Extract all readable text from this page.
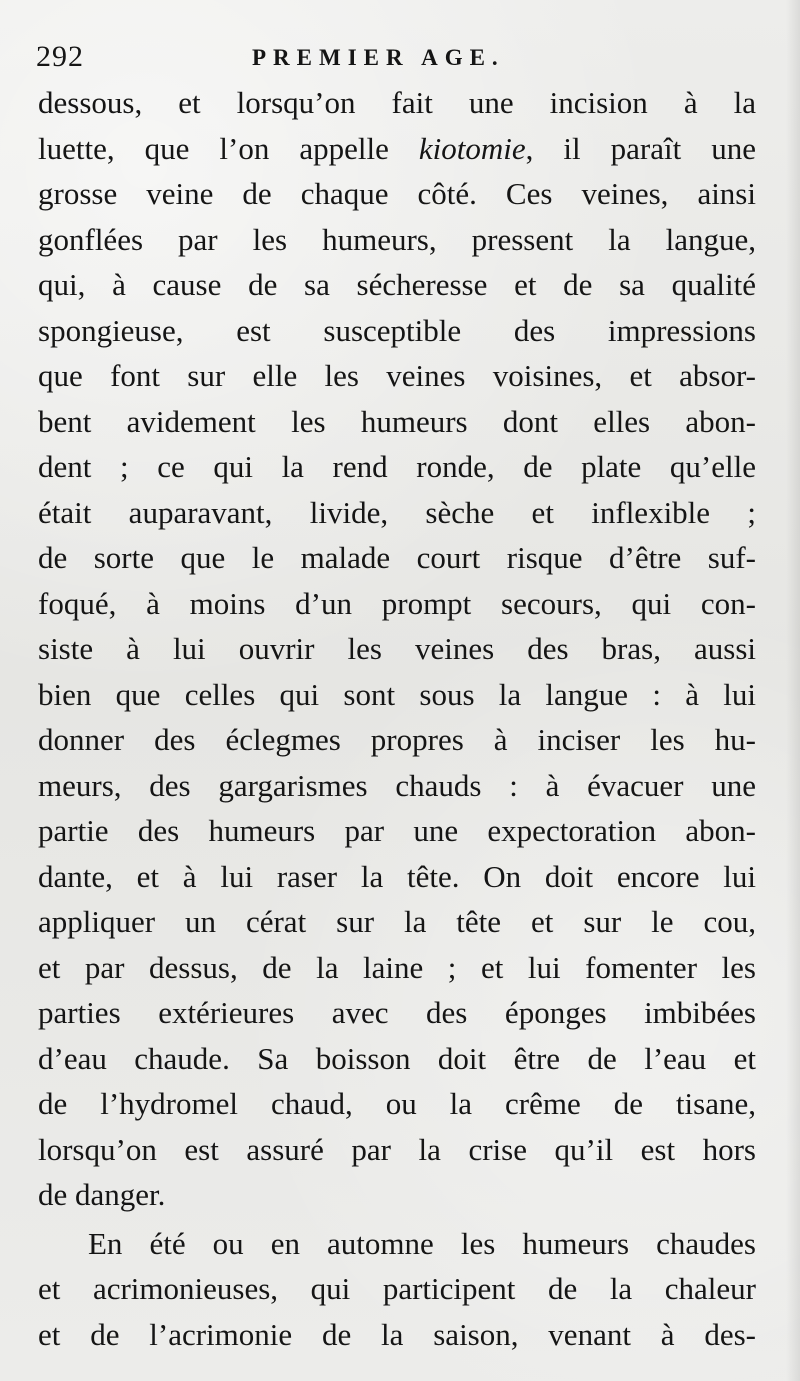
292	PREMIER AGE.
dessous, et lorsqu’on fait une incision à la
luette, que l’on appelle kiotomie, il paraît une
grosse veine de chaque côté. Ces veines, ainsi
gonflées par les humeurs, pressent la langue,
qui, à cause de sa sécheresse et de sa qualité
spongieuse, est susceptible des impressions
que font sur elle les veines voisines, et absor-
bent avidement les humeurs dont elles abon-
dent ; ce qui la rend ronde, de plate qu’elle
était auparavant, livide, sèche et inflexible ;
de sorte que le malade court risque d’être suf-
foqué, à moins d’un prompt secours, qui con-
siste à lui ouvrir les veines des bras, aussi
bien que celles qui sont sous la langue : à lui
donner des éclegmes propres à inciser les hu-
meurs, des gargarismes chauds : à évacuer une
partie des humeurs par une expectoration abon-
dante, et à lui raser la tête. On doit encore lui
appliquer un cérat sur la tête et sur le cou,
et par dessus, de la laine ; et lui fomenter les
parties extérieures avec des éponges imbibées
d’eau chaude. Sa boisson doit être de l’eau et
de l’hydromel chaud, ou la crême de tisane,
lorsqu’on est assuré par la crise qu’il est hors
de danger.
En été ou en automne les humeurs chaudes
et acrimonieuses, qui participent de la chaleur
et de l’acrimonie de la saison, venant à des-
